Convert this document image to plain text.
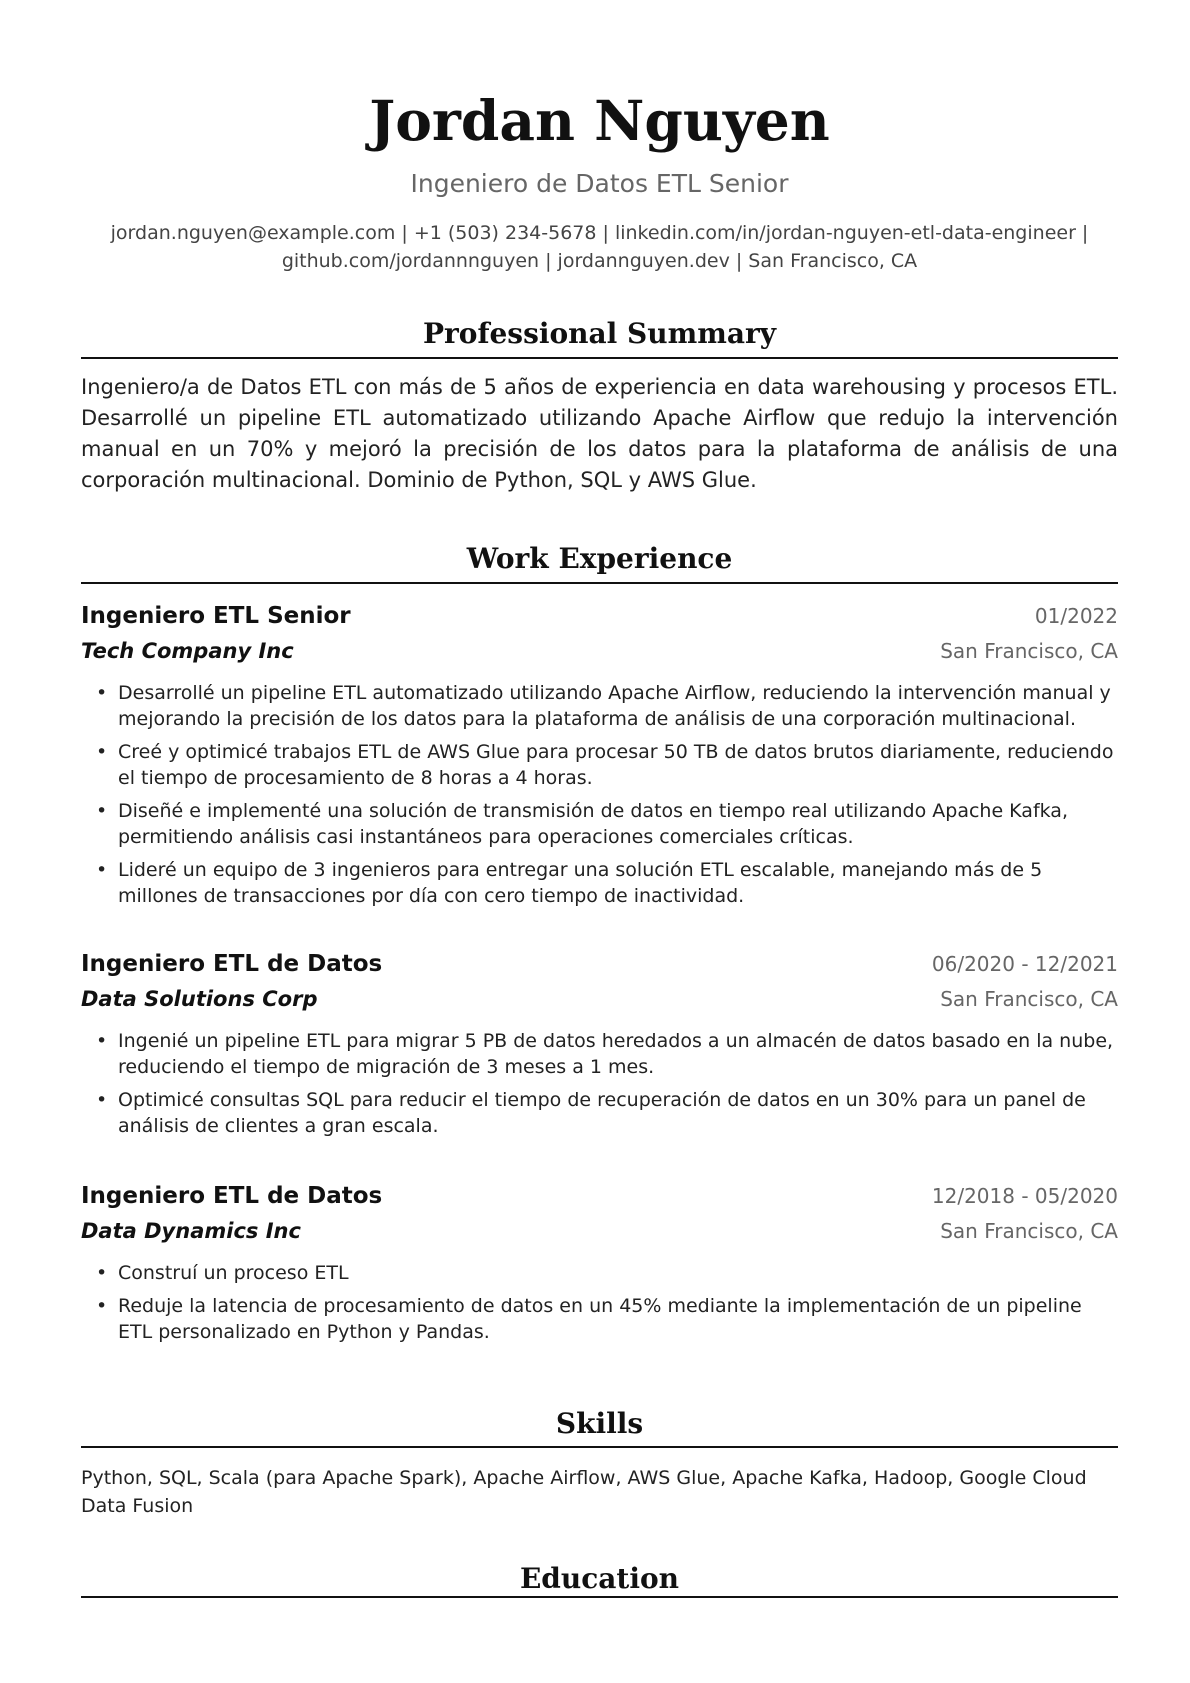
Jordan Nguyen
Ingeniero de Datos ETL Senior
jordan.nguyen@example.com | +1 (503) 234-5678 | linkedin.com/in/jordan-nguyen-etl-data-engineer |
github.com/jordannnguyen | jordannguyen.dev | San Francisco, CA
Professional Summary

Ingeniero/a de Datos ETL con más de 5 años de experiencia en data warehousing y procesos ETL. Desarrollé un pipeline ETL automatizado utilizando Apache Airflow que redujo la intervención manual en un 70% y mejoró la precisión de los datos para la plataforma de análisis de una corporación multinacional. Dominio de Python, SQL y AWS Glue.

Work Experience
Ingeniero ETL Senior	01/2022
Tech Company Inc	San Francisco, CA
• Desarrollé un pipeline ETL automatizado utilizando Apache Airflow, reduciendo la intervención manual y mejorando la precisión de los datos para la plataforma de análisis de una corporación multinacional.
• Creé y optimicé trabajos ETL de AWS Glue para procesar 50 TB de datos brutos diariamente, reduciendo el tiempo de procesamiento de 8 horas a 4 horas.
• Diseñé e implementé una solución de transmisión de datos en tiempo real utilizando Apache Kafka, permitiendo análisis casi instantáneos para operaciones comerciales críticas.
• Lideré un equipo de 3 ingenieros para entregar una solución ETL escalable, manejando más de 5 millones de transacciones por día con cero tiempo de inactividad.
Ingeniero ETL de Datos	06/2020 - 12/2021
Data Solutions Corp	San Francisco, CA
• Ingenié un pipeline ETL para migrar 5 PB de datos heredados a un almacén de datos basado en la nube, reduciendo el tiempo de migración de 3 meses a 1 mes.
• Optimicé consultas SQL para reducir el tiempo de recuperación de datos en un 30% para un panel de análisis de clientes a gran escala.
Ingeniero ETL de Datos	12/2018 - 05/2020
Data Dynamics Inc	San Francisco, CA
• Construí un proceso ETL
• Reduje la latencia de procesamiento de datos en un 45% mediante la implementación de un pipeline ETL personalizado en Python y Pandas.
Skills

Python, SQL, Scala (para Apache Spark), Apache Airflow, AWS Glue, Apache Kafka, Hadoop, Google Cloud Data Fusion

Education
